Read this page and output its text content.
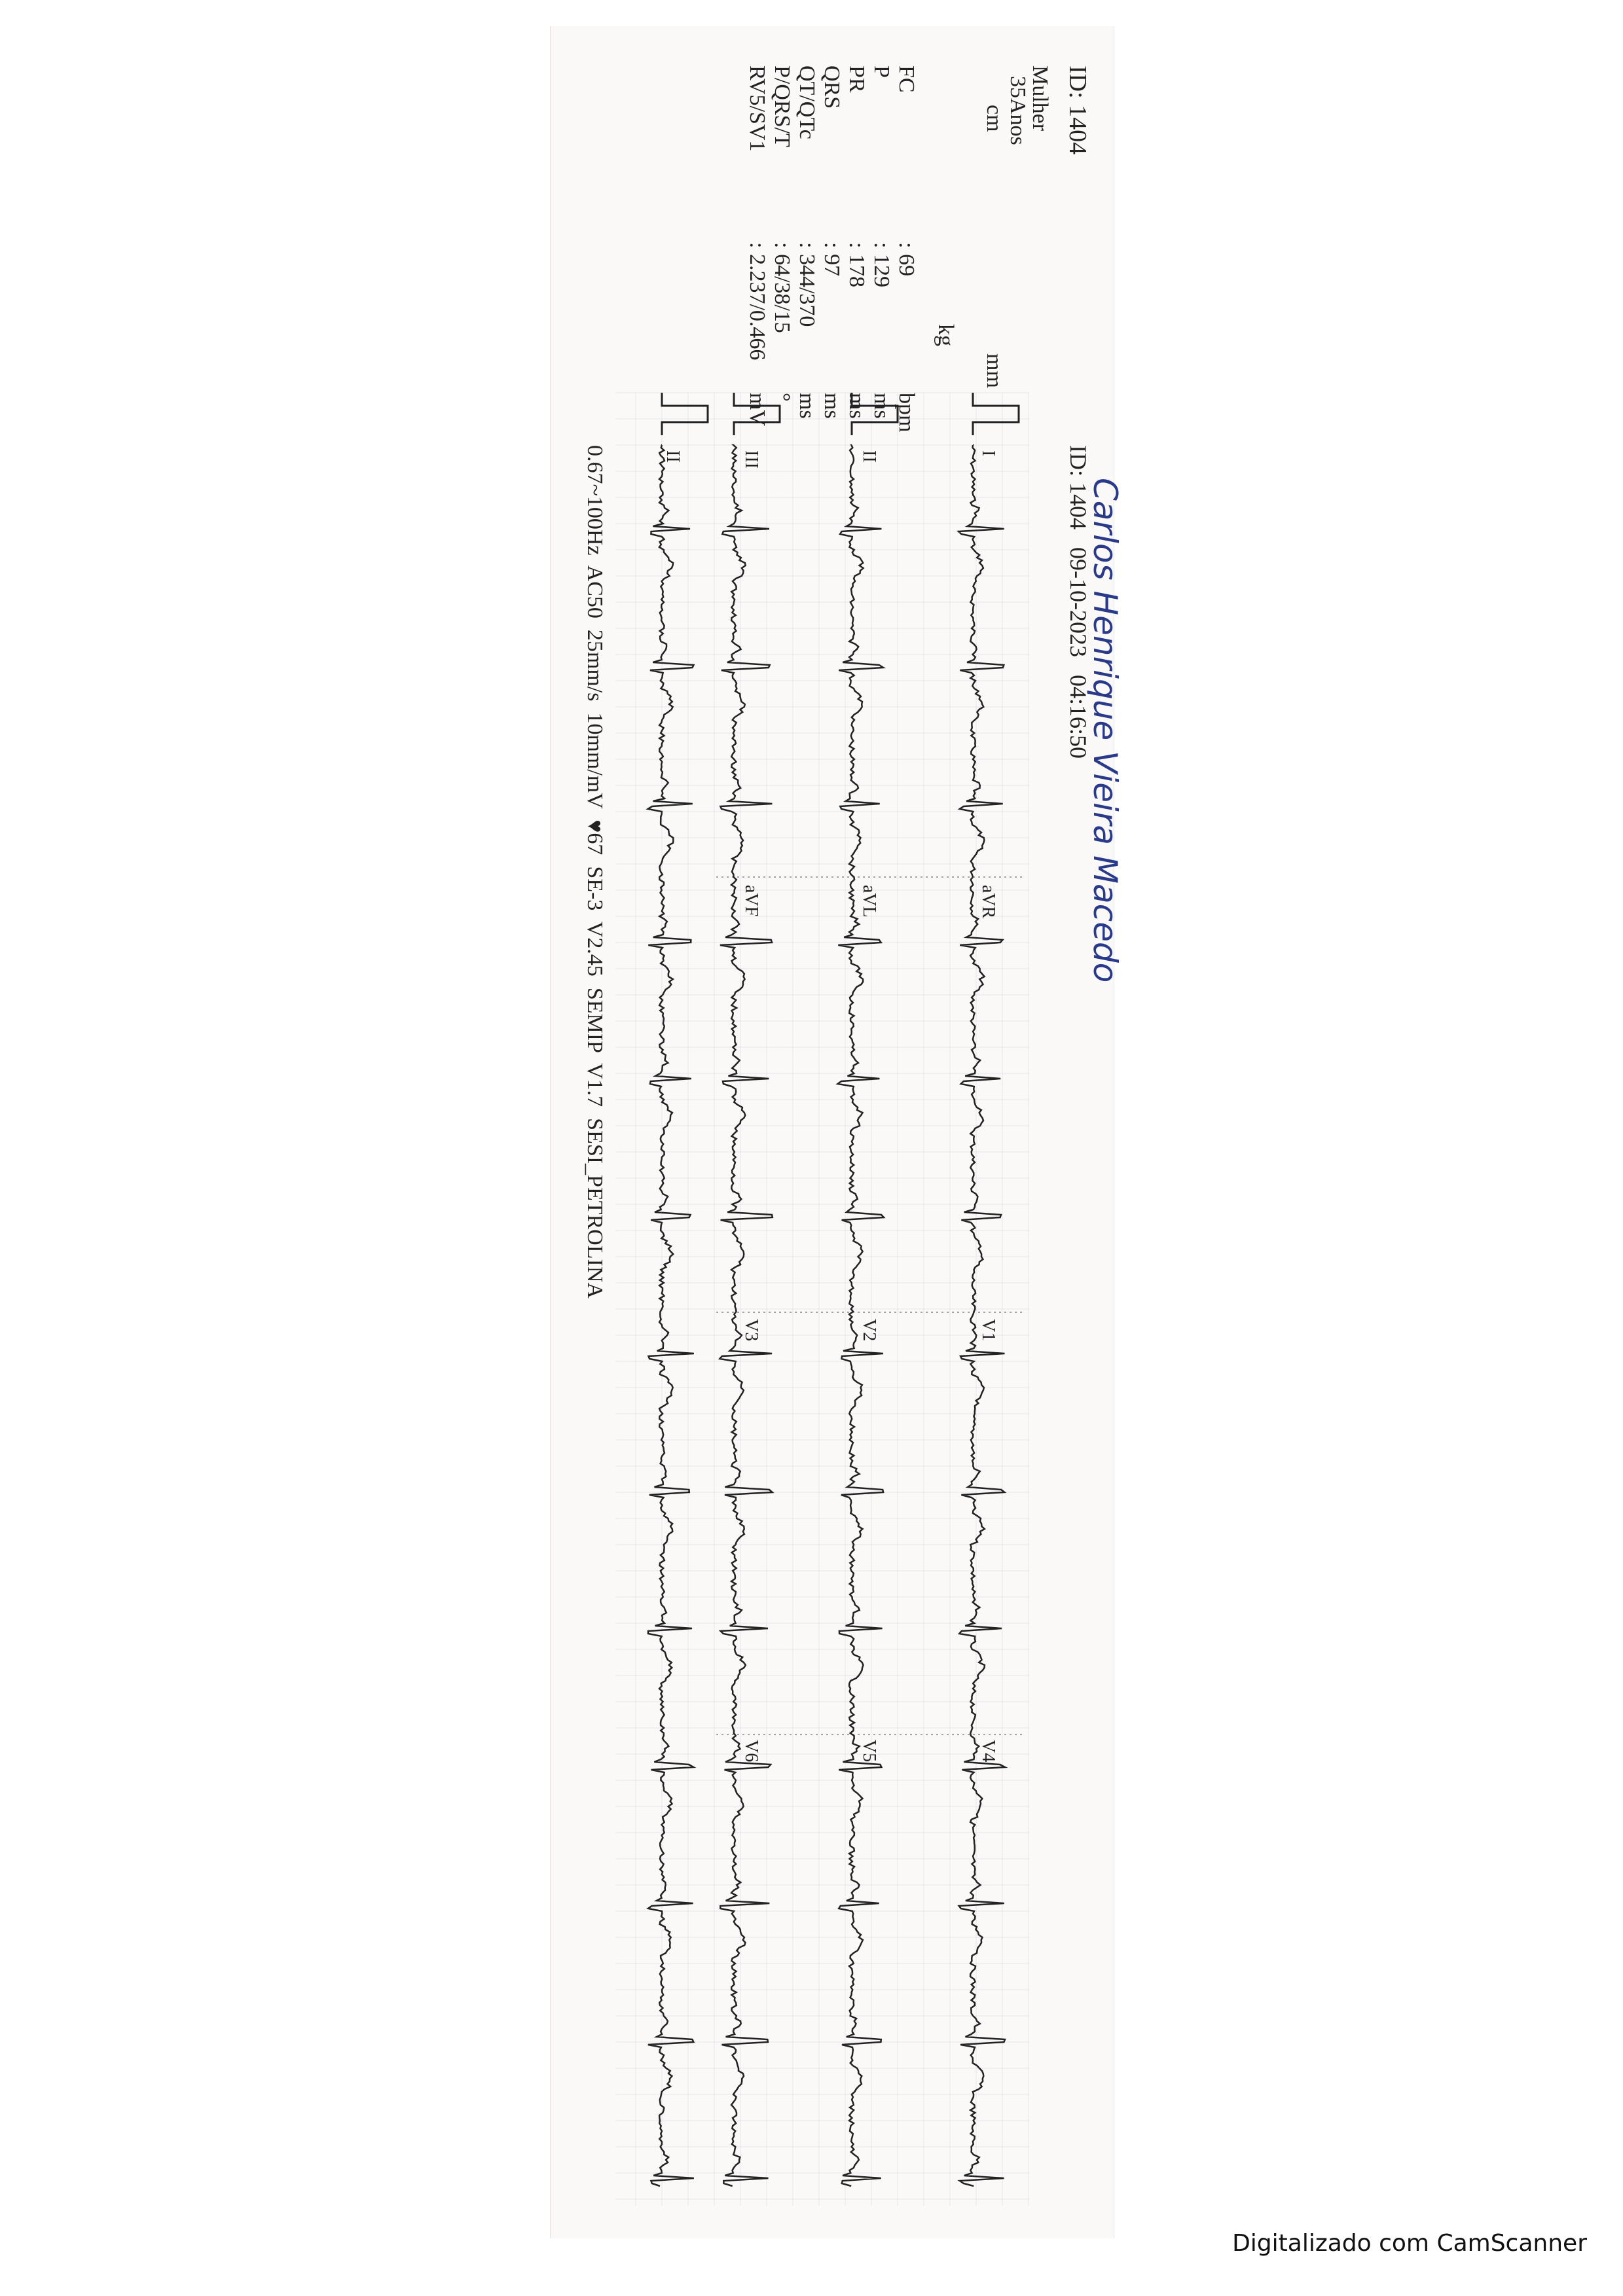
ID: 1404
Mulher
35Anos
cm
mm
kg
FC
P
PR
QRS
QT/QTc
P/QRS/T
RV5/SV1
: 69
: 129
: 178
: 97
: 344/370
: 64/38/15
: 2.237/0.466
bpm
ms
ms
ms
ms
°
mV
ID: 1404   09-10-2023   04:16:50
Carlos Henrique Vieira Macedo
0.67~100Hz  AC50  25mm/s  10mm/mV  ♥67  SE-3  V2.45  SEMIP  V1.7  SESI_PETROLINA	I
aVR
V1
V4
II
aVL
V2
V5
III
aVF
V3
V6
II
Digitalizado com CamScanner
